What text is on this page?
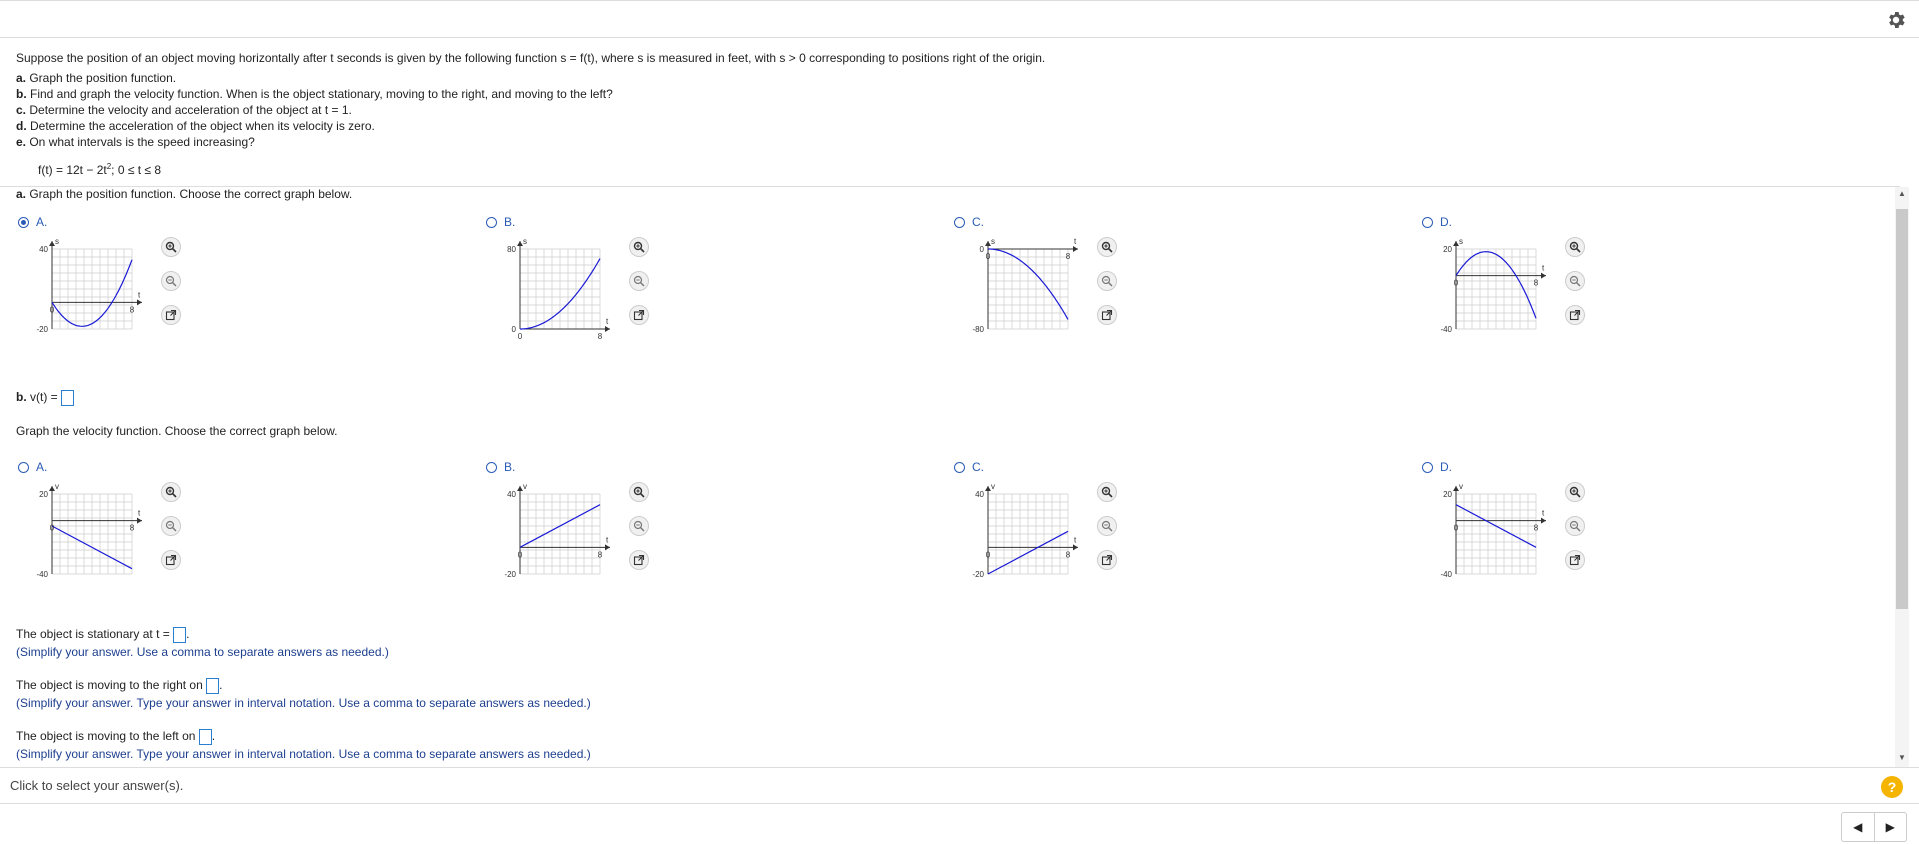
Suppose the position of an object moving horizontally after t seconds is given by the following function s = f(t), where s is measured in feet, with s > 0 corresponding to positions right of the origin.
a. Graph the position function.
b. Find and graph the velocity function. When is the object stationary, moving to the right, and moving to the left?
c. Determine the velocity and acceleration of the object at t = 1.
d. Determine the acceleration of the object when its velocity is zero.
e. On what intervals is the speed increasing?
$f(t) = 12t - 2t^2$; 0 ≤ t ≤ 8
a. Graph the position function. Choose the correct graph below.
A.
40
-20
s
t
0	8
B.
80
0
s
t
0	8
C.
0
-80
s	t
0	8
D.
20
-40
s
t
0	8
b. v(t) =
Graph the velocity function. Choose the correct graph below.
A.
20
-40
v
t
0	8
B.
40
-20
v
t
0	8
C.
40
-20
v
t
0	8
D.
20
-40
v
t
0	8
The object is stationary at t = .
(Simplify your answer. Use a comma to separate answers as needed.)
The object is moving to the right on .
(Simplify your answer. Type your answer in interval notation. Use a comma to separate answers as needed.)
The object is moving to the left on .
(Simplify your answer. Type your answer in interval notation. Use a comma to separate answers as needed.)
▲
▼
Click to select your answer(s).	?
◀	▶
